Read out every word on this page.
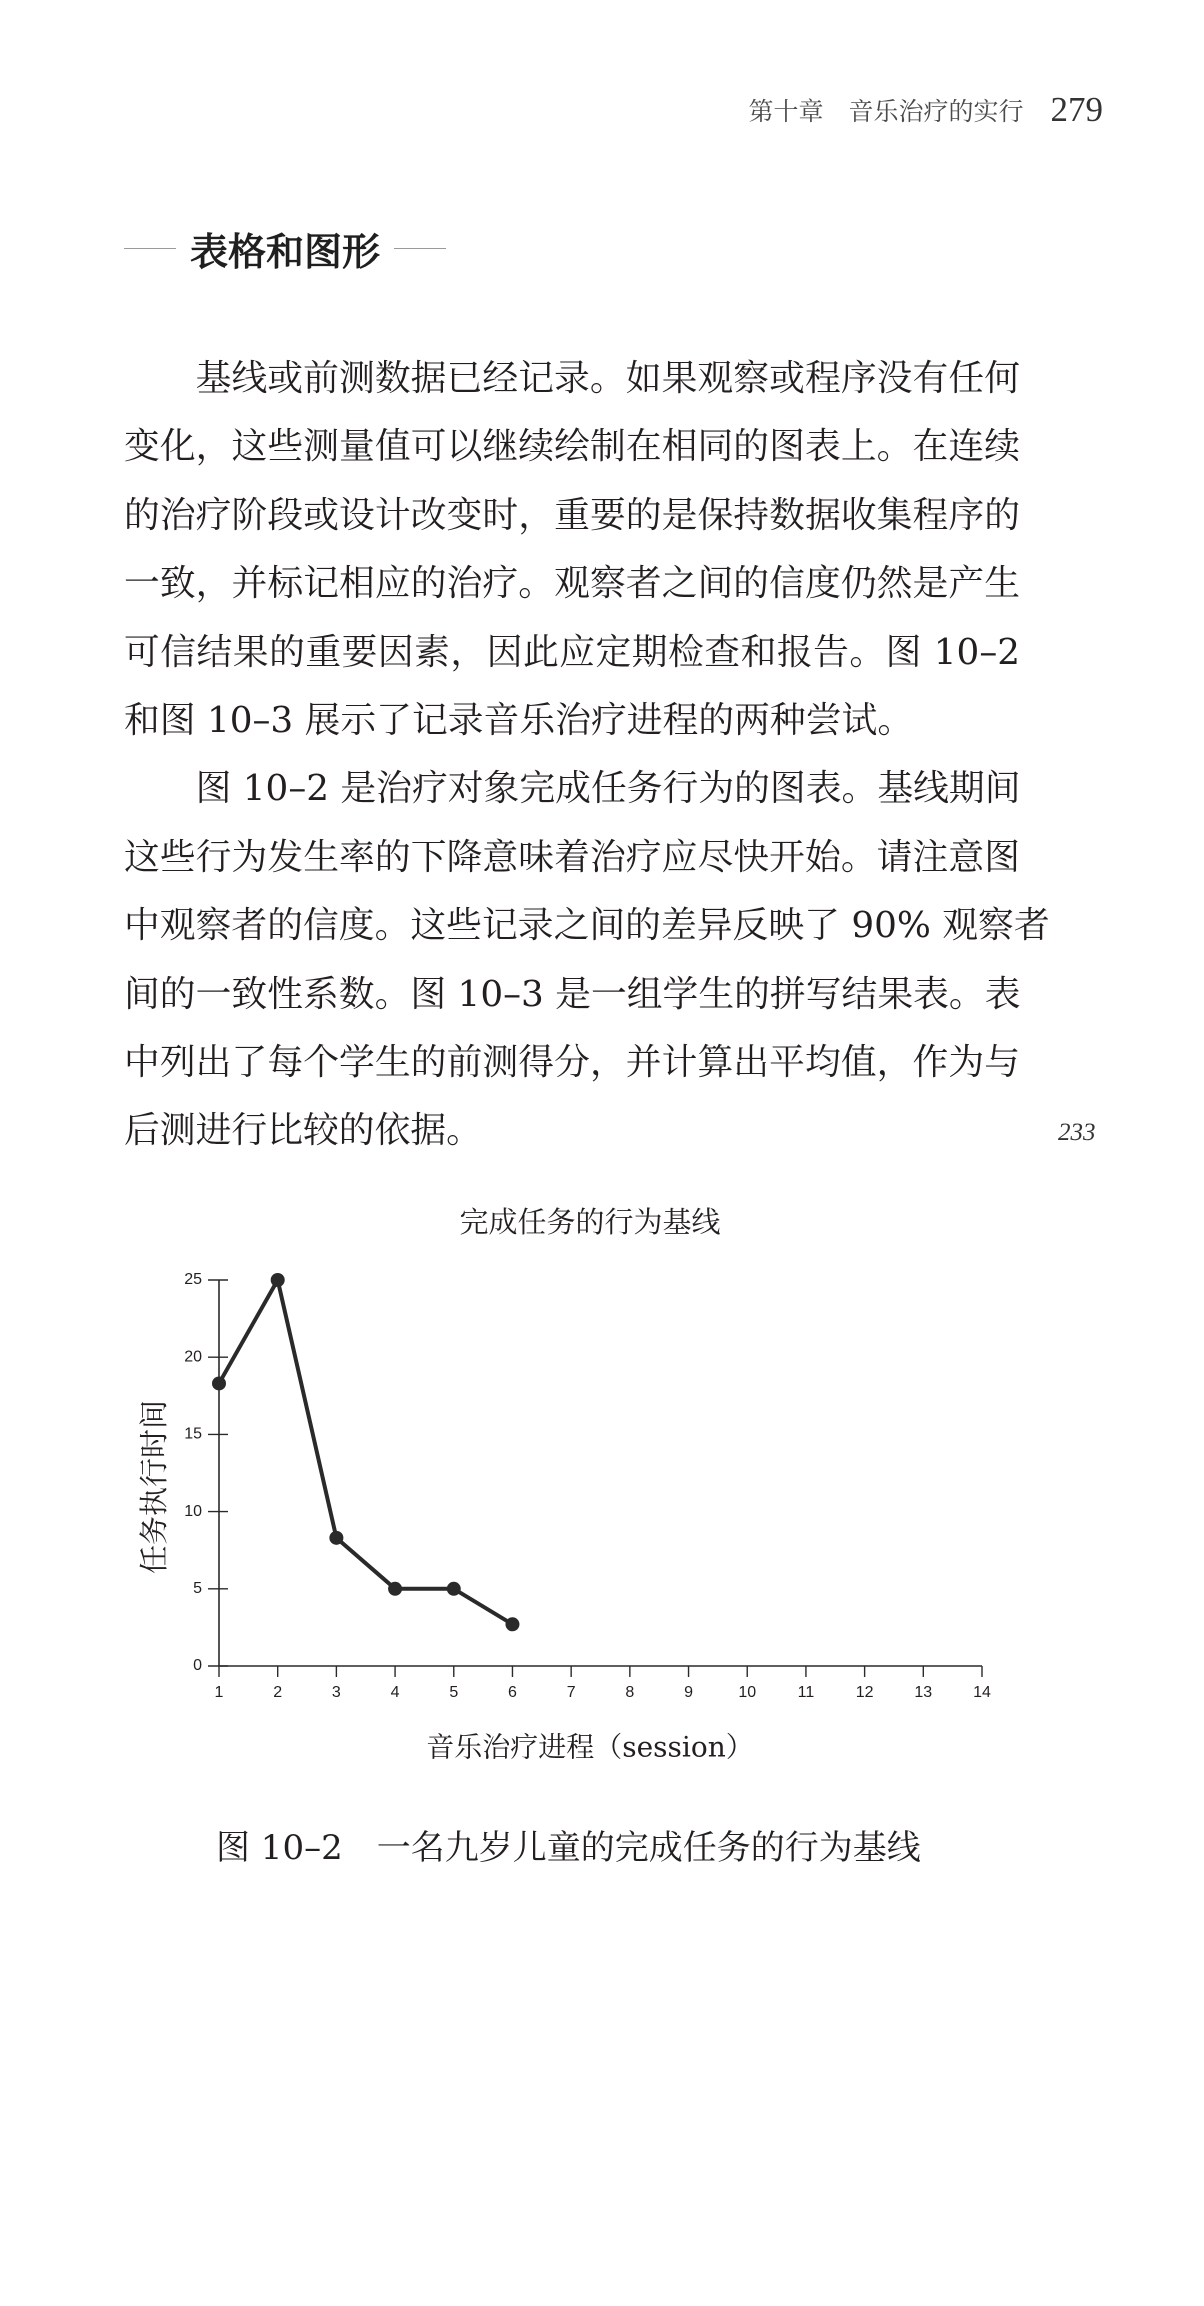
第十章　音乐治疗的实行 279
表格和图形
基线或前测数据已经记录。如果观察或程序没有任何
变化，这些测量值可以继续绘制在相同的图表上。在连续
的治疗阶段或设计改变时，重要的是保持数据收集程序的
一致，并标记相应的治疗。观察者之间的信度仍然是产生
可信结果的重要因素，因此应定期检查和报告。图 10–2
和图 10–3 展示了记录音乐治疗进程的两种尝试。
图 10–2 是治疗对象完成任务行为的图表。基线期间
这些行为发生率的下降意味着治疗应尽快开始。请注意图
中观察者的信度。这些记录之间的差异反映了 90% 观察者
间的一致性系数。图 10–3 是一组学生的拼写结果表。表
中列出了每个学生的前测得分，并计算出平均值，作为与
后测进行比较的依据。	233
完成任务的行为基线
0
5
10
15
20
25
1	2	3	4	5	6	7	8	9	10	11	12	13	14
任务执行时间
音乐治疗进程（session）
图 10–2　一名九岁儿童的完成任务的行为基线
